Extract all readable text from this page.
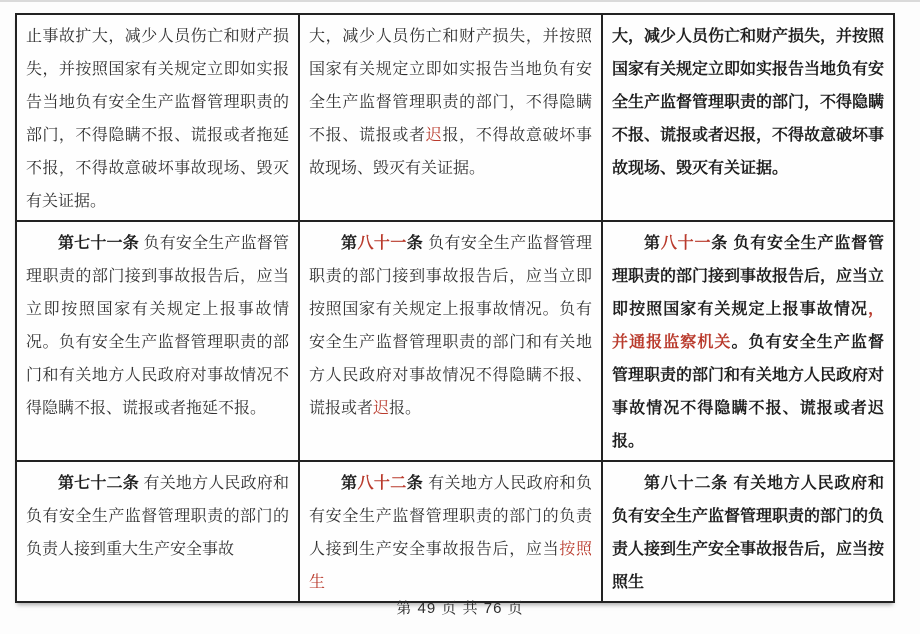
止事故扩大，减少人员伤亡和财产损失，并按照国家有关规定立即如实报告当地负有安全生产监督管理职责的部门，不得隐瞒不报、谎报或者拖延不报，不得故意破坏事故现场、毁灭有关证据。
大，减少人员伤亡和财产损失，并按照国家有关规定立即如实报告当地负有安全生产监督管理职责的部门，不得隐瞒不报、谎报或者迟报，不得故意破坏事故现场、毁灭有关证据。
大，减少人员伤亡和财产损失，并按照国家有关规定立即如实报告当地负有安全生产监督管理职责的部门，不得隐瞒不报、谎报或者迟报，不得故意破坏事故现场、毁灭有关证据。
第七十一条 负有安全生产监督管理职责的部门接到事故报告后，应当立即按照国家有关规定上报事故情况。负有安全生产监督管理职责的部门和有关地方人民政府对事故情况不得隐瞒不报、谎报或者拖延不报。
第八十一条 负有安全生产监督管理职责的部门接到事故报告后，应当立即按照国家有关规定上报事故情况。负有安全生产监督管理职责的部门和有关地方人民政府对事故情况不得隐瞒不报、谎报或者迟报。
第八十一条 负有安全生产监督管理职责的部门接到事故报告后，应当立即按照国家有关规定上报事故情况，并通报监察机关。负有安全生产监督管理职责的部门和有关地方人民政府对事故情况不得隐瞒不报、谎报或者迟报。
第七十二条 有关地方人民政府和负有安全生产监督管理职责的部门的负责人接到重大生产安全事故
第八十二条 有关地方人民政府和负有安全生产监督管理职责的部门的负责人接到生产安全事故报告后，应当按照生
第八十二条 有关地方人民政府和负有安全生产监督管理职责的部门的负责人接到生产安全事故报告后，应当按照生
第 49 页 共 76 页
